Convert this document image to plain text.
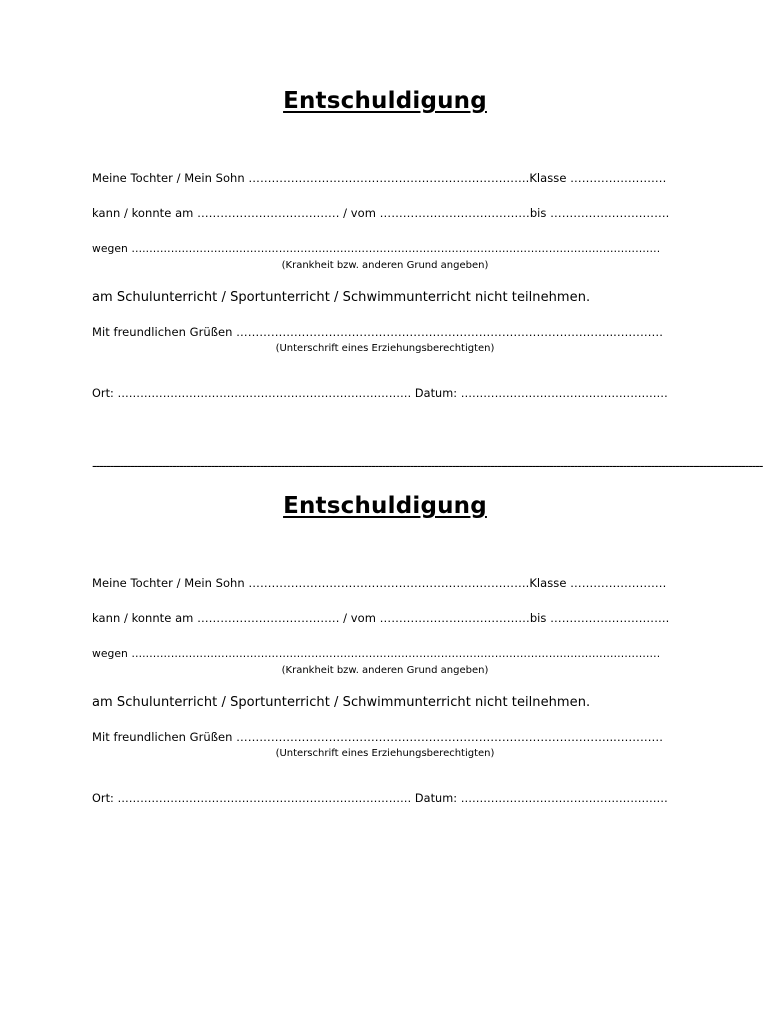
Entschuldigung
Meine Tochter / Mein Sohn ……………………………………………………………….Klasse …………………….
kann / konnte am ………………………………. / vom …………………………………bis ………………………….
wegen …..…………………………………………………………………………………………………………………………….
(Krankheit bzw. anderen Grund angeben)
am Schulunterricht / Sportunterricht / Schwimmunterricht nicht teilnehmen.
Mit freundlichen Grüßen ……………………………………………………………………………………...…………
(Unterschrift eines Erziehungsberechtigten)
Ort: …………………………………………………………………… Datum: ……………………………………………….
------------------------------------------------------------------------------------------------------------------------------------------------------------------------------------------------
Entschuldigung
Meine Tochter / Mein Sohn ……………………………………………………………….Klasse …………………….
kann / konnte am ………………………………. / vom …………………………………bis ………………………….
wegen …..…………………………………………………………………………………………………………………………….
(Krankheit bzw. anderen Grund angeben)
am Schulunterricht / Sportunterricht / Schwimmunterricht nicht teilnehmen.
Mit freundlichen Grüßen ……………………………………………………………………………………...…………
(Unterschrift eines Erziehungsberechtigten)
Ort: …………………………………………………………………… Datum: ……………………………………………….
